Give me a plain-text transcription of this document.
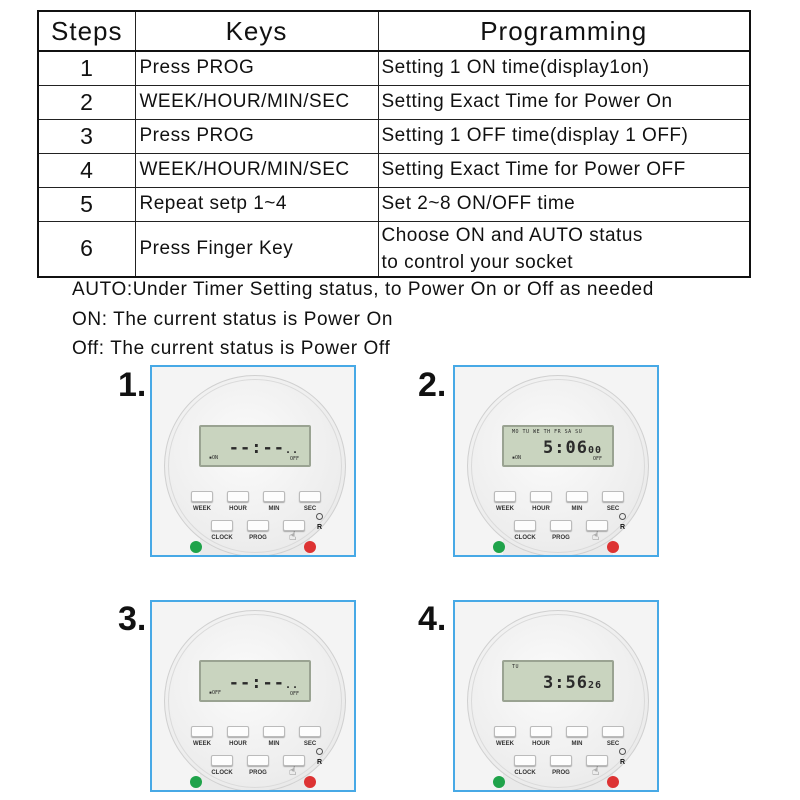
Steps	Keys	Programming
1	Press PROG	Setting 1 ON time(display1on)
2	WEEK/HOUR/MIN/SEC	Setting Exact Time for Power On
3	Press PROG	Setting 1 OFF time(display 1 OFF)
4	WEEK/HOUR/MIN/SEC	Setting Exact Time for Power OFF
5	Repeat setp 1~4	Set 2~8 ON/OFF time
6	Press Finger Key	Choose ON and AUTO status
to control your socket
AUTO:Under Timer Setting status, to Power On or Off as needed
ON: The current status is Power On
Off: The current status is Power Off
1.
--:--..
▪ON	OFF
WEEK	HOUR	MIN	SEC
☝
CLOCK	PROG
R
2.
MO TU WE TH FR SA SU
5:0600
▪ON	OFF
WEEK	HOUR	MIN	SEC
☝
CLOCK	PROG
R
3.
--:--..
▪OFF	OFF
WEEK	HOUR	MIN	SEC
☝
CLOCK	PROG
R
4.
TU
3:5626
WEEK	HOUR	MIN	SEC
☝
CLOCK	PROG
R
